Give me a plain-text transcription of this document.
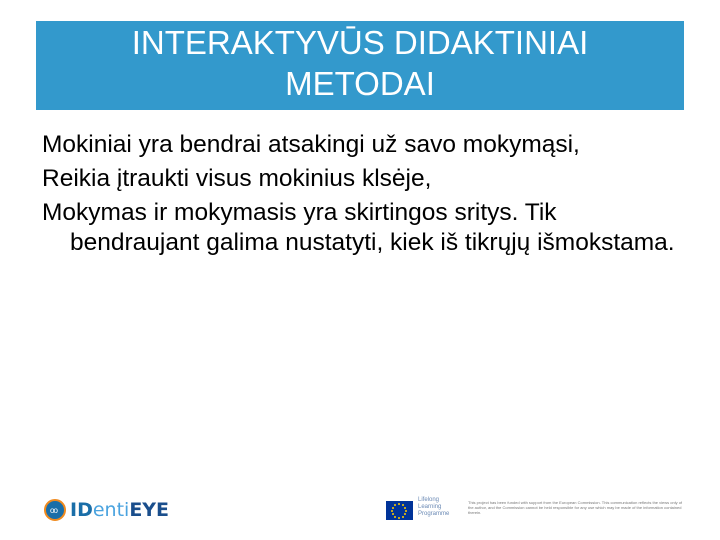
INTERAKTYVŪS DIDAKTINIAI
METODAI

Mokiniai yra bendrai atsakingi už savo mokymąsi,

Reikia įtraukti visus mokinius klsėje,

Mokymas ir mokymasis yra skirtingos sritys. Tik bendraujant galima nustatyti, kiek iš tikrųjų išmokstama.

oo IDentiEYE	Lifelong
Learning
Programme
This project has been funded with support from the European Commission. This communication reflects the views only of the author, and the Commission cannot be held responsible for any use which may be made of the information contained therein.
